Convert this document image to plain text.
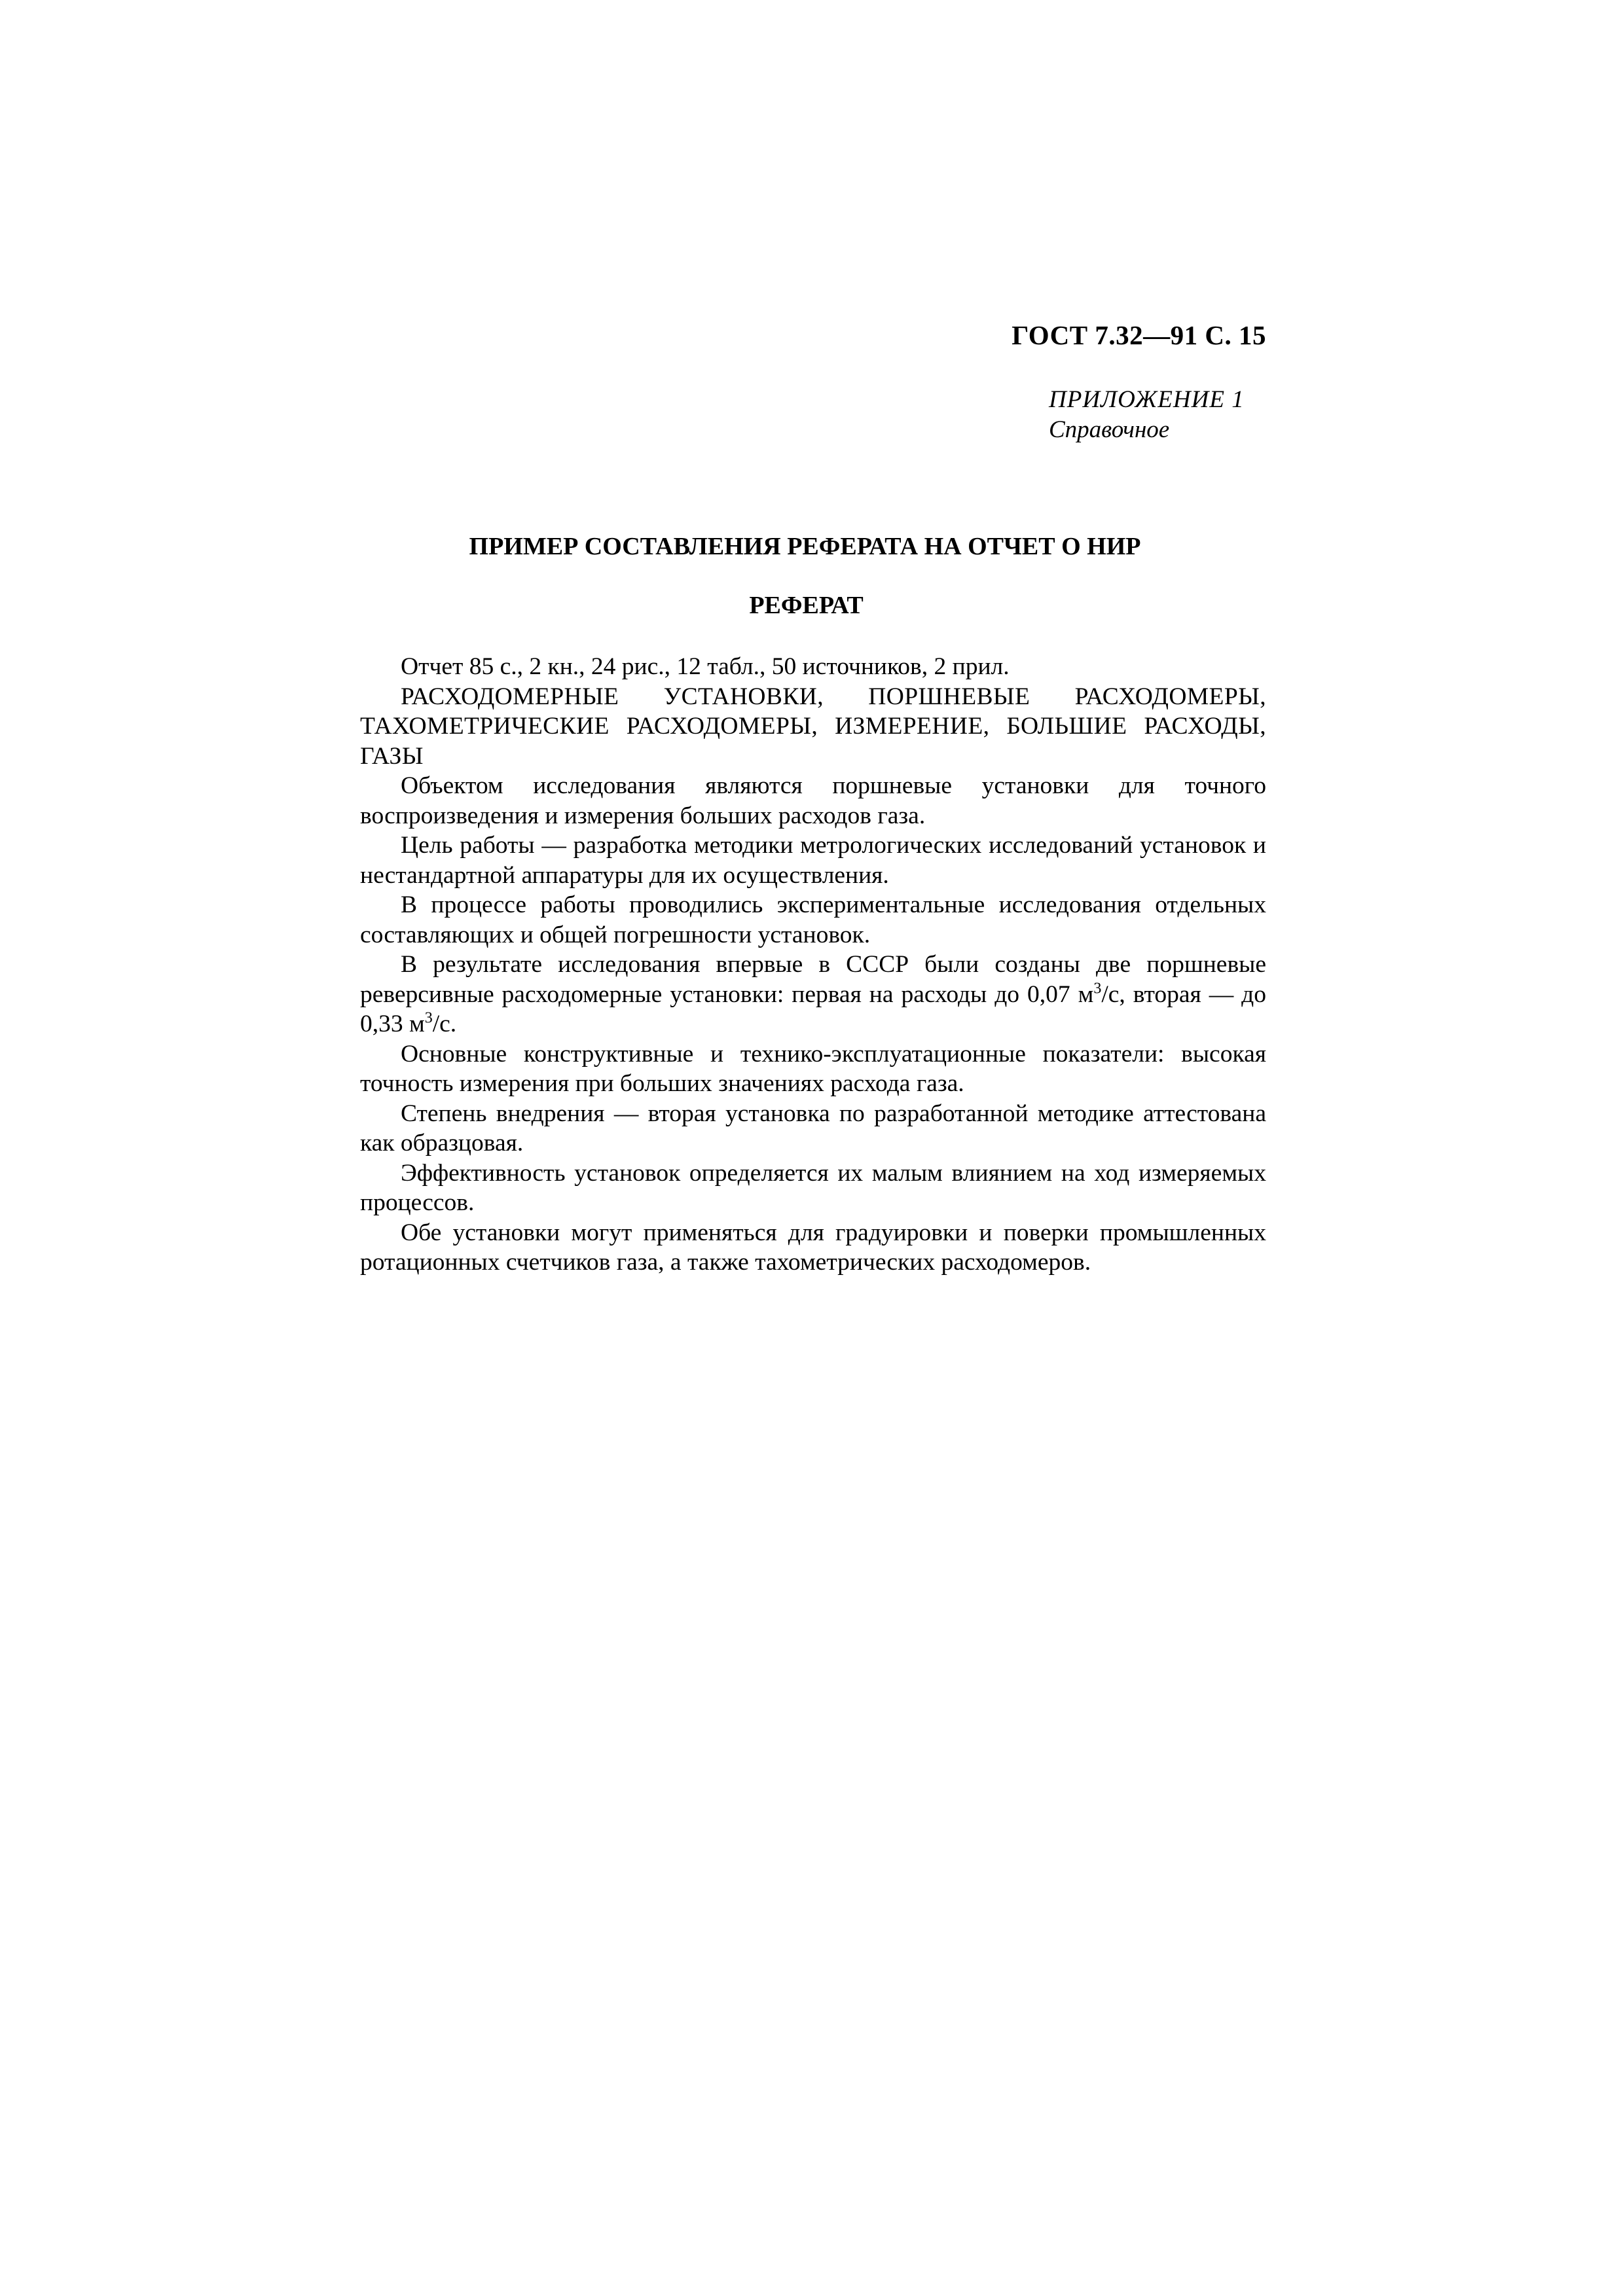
ГОСТ 7.32—91 С. 15
ПРИЛОЖЕНИЕ 1
Справочное
ПРИМЕР СОСТАВЛЕНИЯ РЕФЕРАТА НА ОТЧЕТ О НИР
РЕФЕРАТ

Отчет 85 с., 2 кн., 24 рис., 12 табл., 50 источников, 2 прил.

РАСХОДОМЕРНЫЕ УСТАНОВКИ, ПОРШНЕВЫЕ РАСХОДОМЕРЫ, ТАХОМЕТРИЧЕСКИЕ РАСХОДОМЕРЫ, ИЗМЕРЕНИЕ, БОЛЬШИЕ РАСХОДЫ, ГАЗЫ

Объектом исследования являются поршневые установки для точного воспроизведения и измерения больших расходов газа.

Цель работы — разработка методики метрологических исследований установок и нестандартной аппаратуры для их осуществления.

В процессе работы проводились экспериментальные исследования отдельных составляющих и общей погрешности установок.

В результате исследования впервые в СССР были созданы две поршневые реверсивные расходомерные установки: первая на расходы до 0,07 $м^3/с$, вторая — до 0,33 $м^3/с$.

Основные конструктивные и технико-эксплуатационные показатели: высокая точность измерения при больших значениях расхода газа.

Степень внедрения — вторая установка по разработанной методике аттестована как образцовая.

Эффективность установок определяется их малым влиянием на ход измеряемых процессов.

Обе установки могут применяться для градуировки и поверки промышленных ротационных счетчиков газа, а также тахометрических расходомеров.
